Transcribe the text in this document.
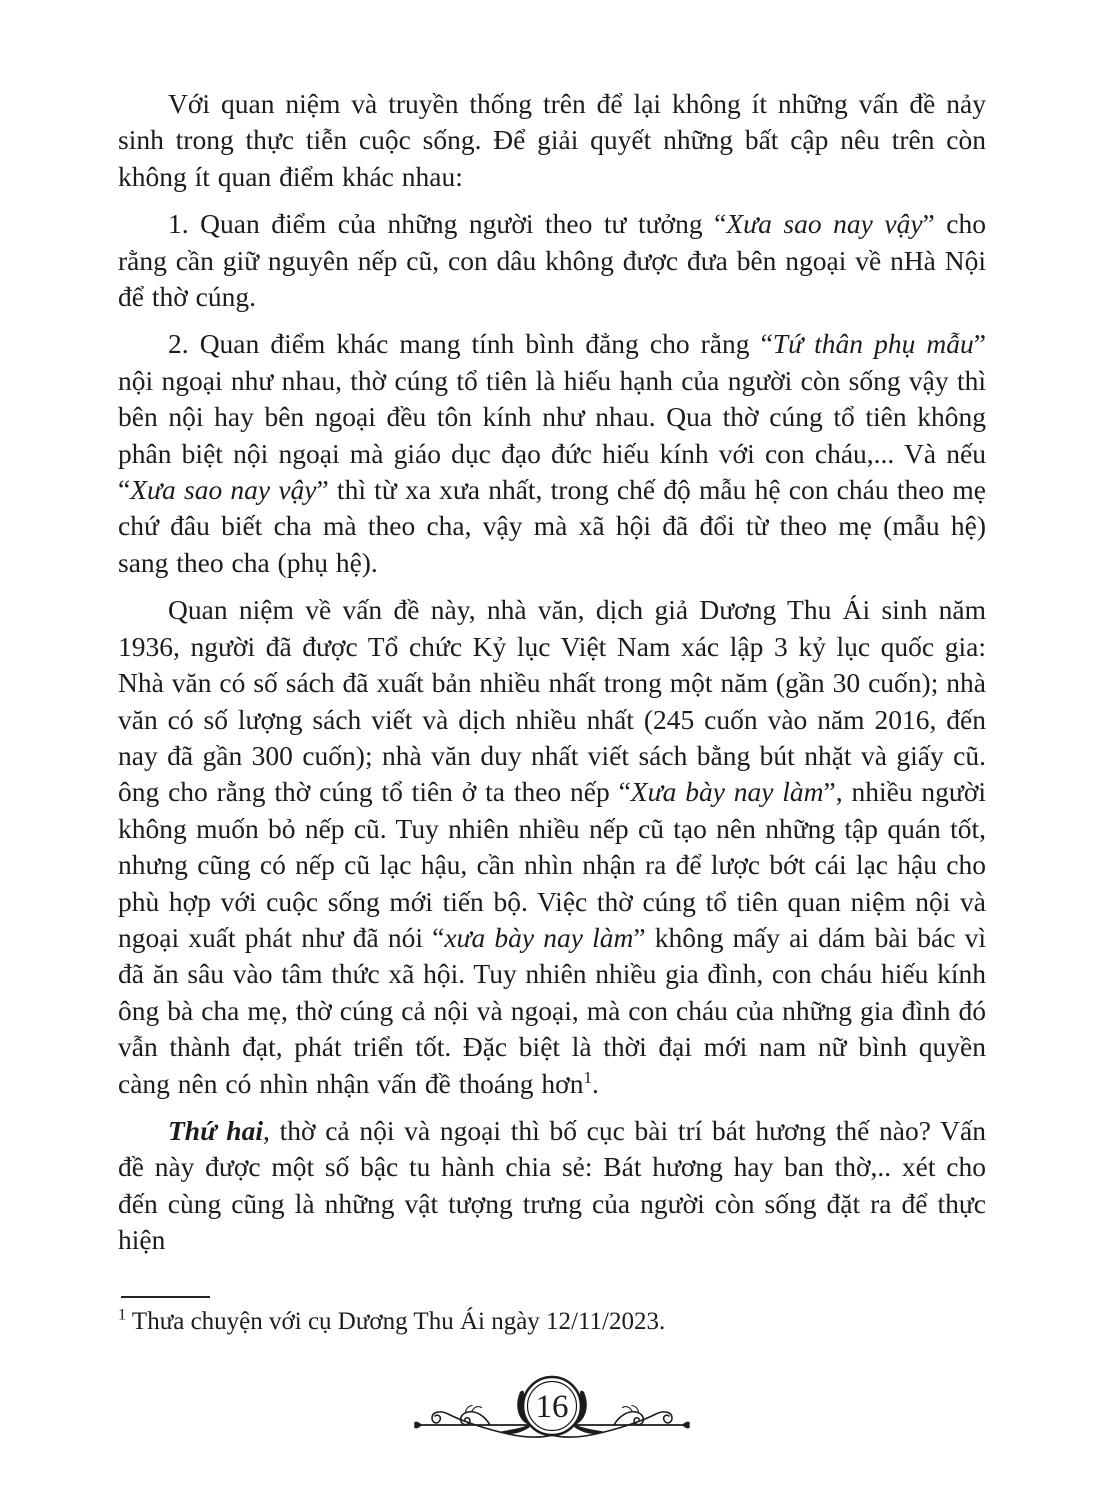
Với quan niệm và truyền thống trên để lại không ít những vấn đề nảy sinh trong thực tiễn cuộc sống. Để giải quyết những bất cập nêu trên còn không ít quan điểm khác nhau:

1. Quan điểm của những người theo tư tưởng “Xưa sao nay vậy” cho rằng cần giữ nguyên nếp cũ, con dâu không được đưa bên ngoại về nHà Nội để thờ cúng.

2. Quan điểm khác mang tính bình đẳng cho rằng “Tứ thân phụ mẫu” nội ngoại như nhau, thờ cúng tổ tiên là hiếu hạnh của người còn sống vậy thì bên nội hay bên ngoại đều tôn kính như nhau. Qua thờ cúng tổ tiên không phân biệt nội ngoại mà giáo dục đạo đức hiếu kính với con cháu,... Và nếu “Xưa sao nay vậy” thì từ xa xưa nhất, trong chế độ mẫu hệ con cháu theo mẹ chứ đâu biết cha mà theo cha, vậy mà xã hội đã đổi từ theo mẹ (mẫu hệ) sang theo cha (phụ hệ).

Quan niệm về vấn đề này, nhà văn, dịch giả Dương Thu Ái sinh năm 1936, người đã được Tổ chức Kỷ lục Việt Nam xác lập 3 kỷ lục quốc gia: Nhà văn có số sách đã xuất bản nhiều nhất trong một năm (gần 30 cuốn); nhà văn có số lượng sách viết và dịch nhiều nhất (245 cuốn vào năm 2016, đến nay đã gần 300 cuốn); nhà văn duy nhất viết sách bằng bút nhặt và giấy cũ. ông cho rằng thờ cúng tổ tiên ở ta theo nếp “Xưa bày nay làm”, nhiều người không muốn bỏ nếp cũ. Tuy nhiên nhiều nếp cũ tạo nên những tập quán tốt, nhưng cũng có nếp cũ lạc hậu, cần nhìn nhận ra để lược bớt cái lạc hậu cho phù hợp với cuộc sống mới tiến bộ. Việc thờ cúng tổ tiên quan niệm nội và ngoại xuất phát như đã nói “xưa bày nay làm” không mấy ai dám bài bác vì đã ăn sâu vào tâm thức xã hội. Tuy nhiên nhiều gia đình, con cháu hiếu kính ông bà cha mẹ, thờ cúng cả nội và ngoại, mà con cháu của những gia đình đó vẫn thành đạt, phát triển tốt. Đặc biệt là thời đại mới nam nữ bình quyền càng nên có nhìn nhận vấn đề thoáng hơn$^1$.

Thứ hai, thờ cả nội và ngoại thì bố cục bài trí bát hương thế nào? Vấn đề này được một số bậc tu hành chia sẻ: Bát hương hay ban thờ,.. xét cho đến cùng cũng là những vật tượng trưng của người còn sống đặt ra để thực hiện

$^1$ Thưa chuyện với cụ Dương Thu Ái ngày 12/11/2023.
16
